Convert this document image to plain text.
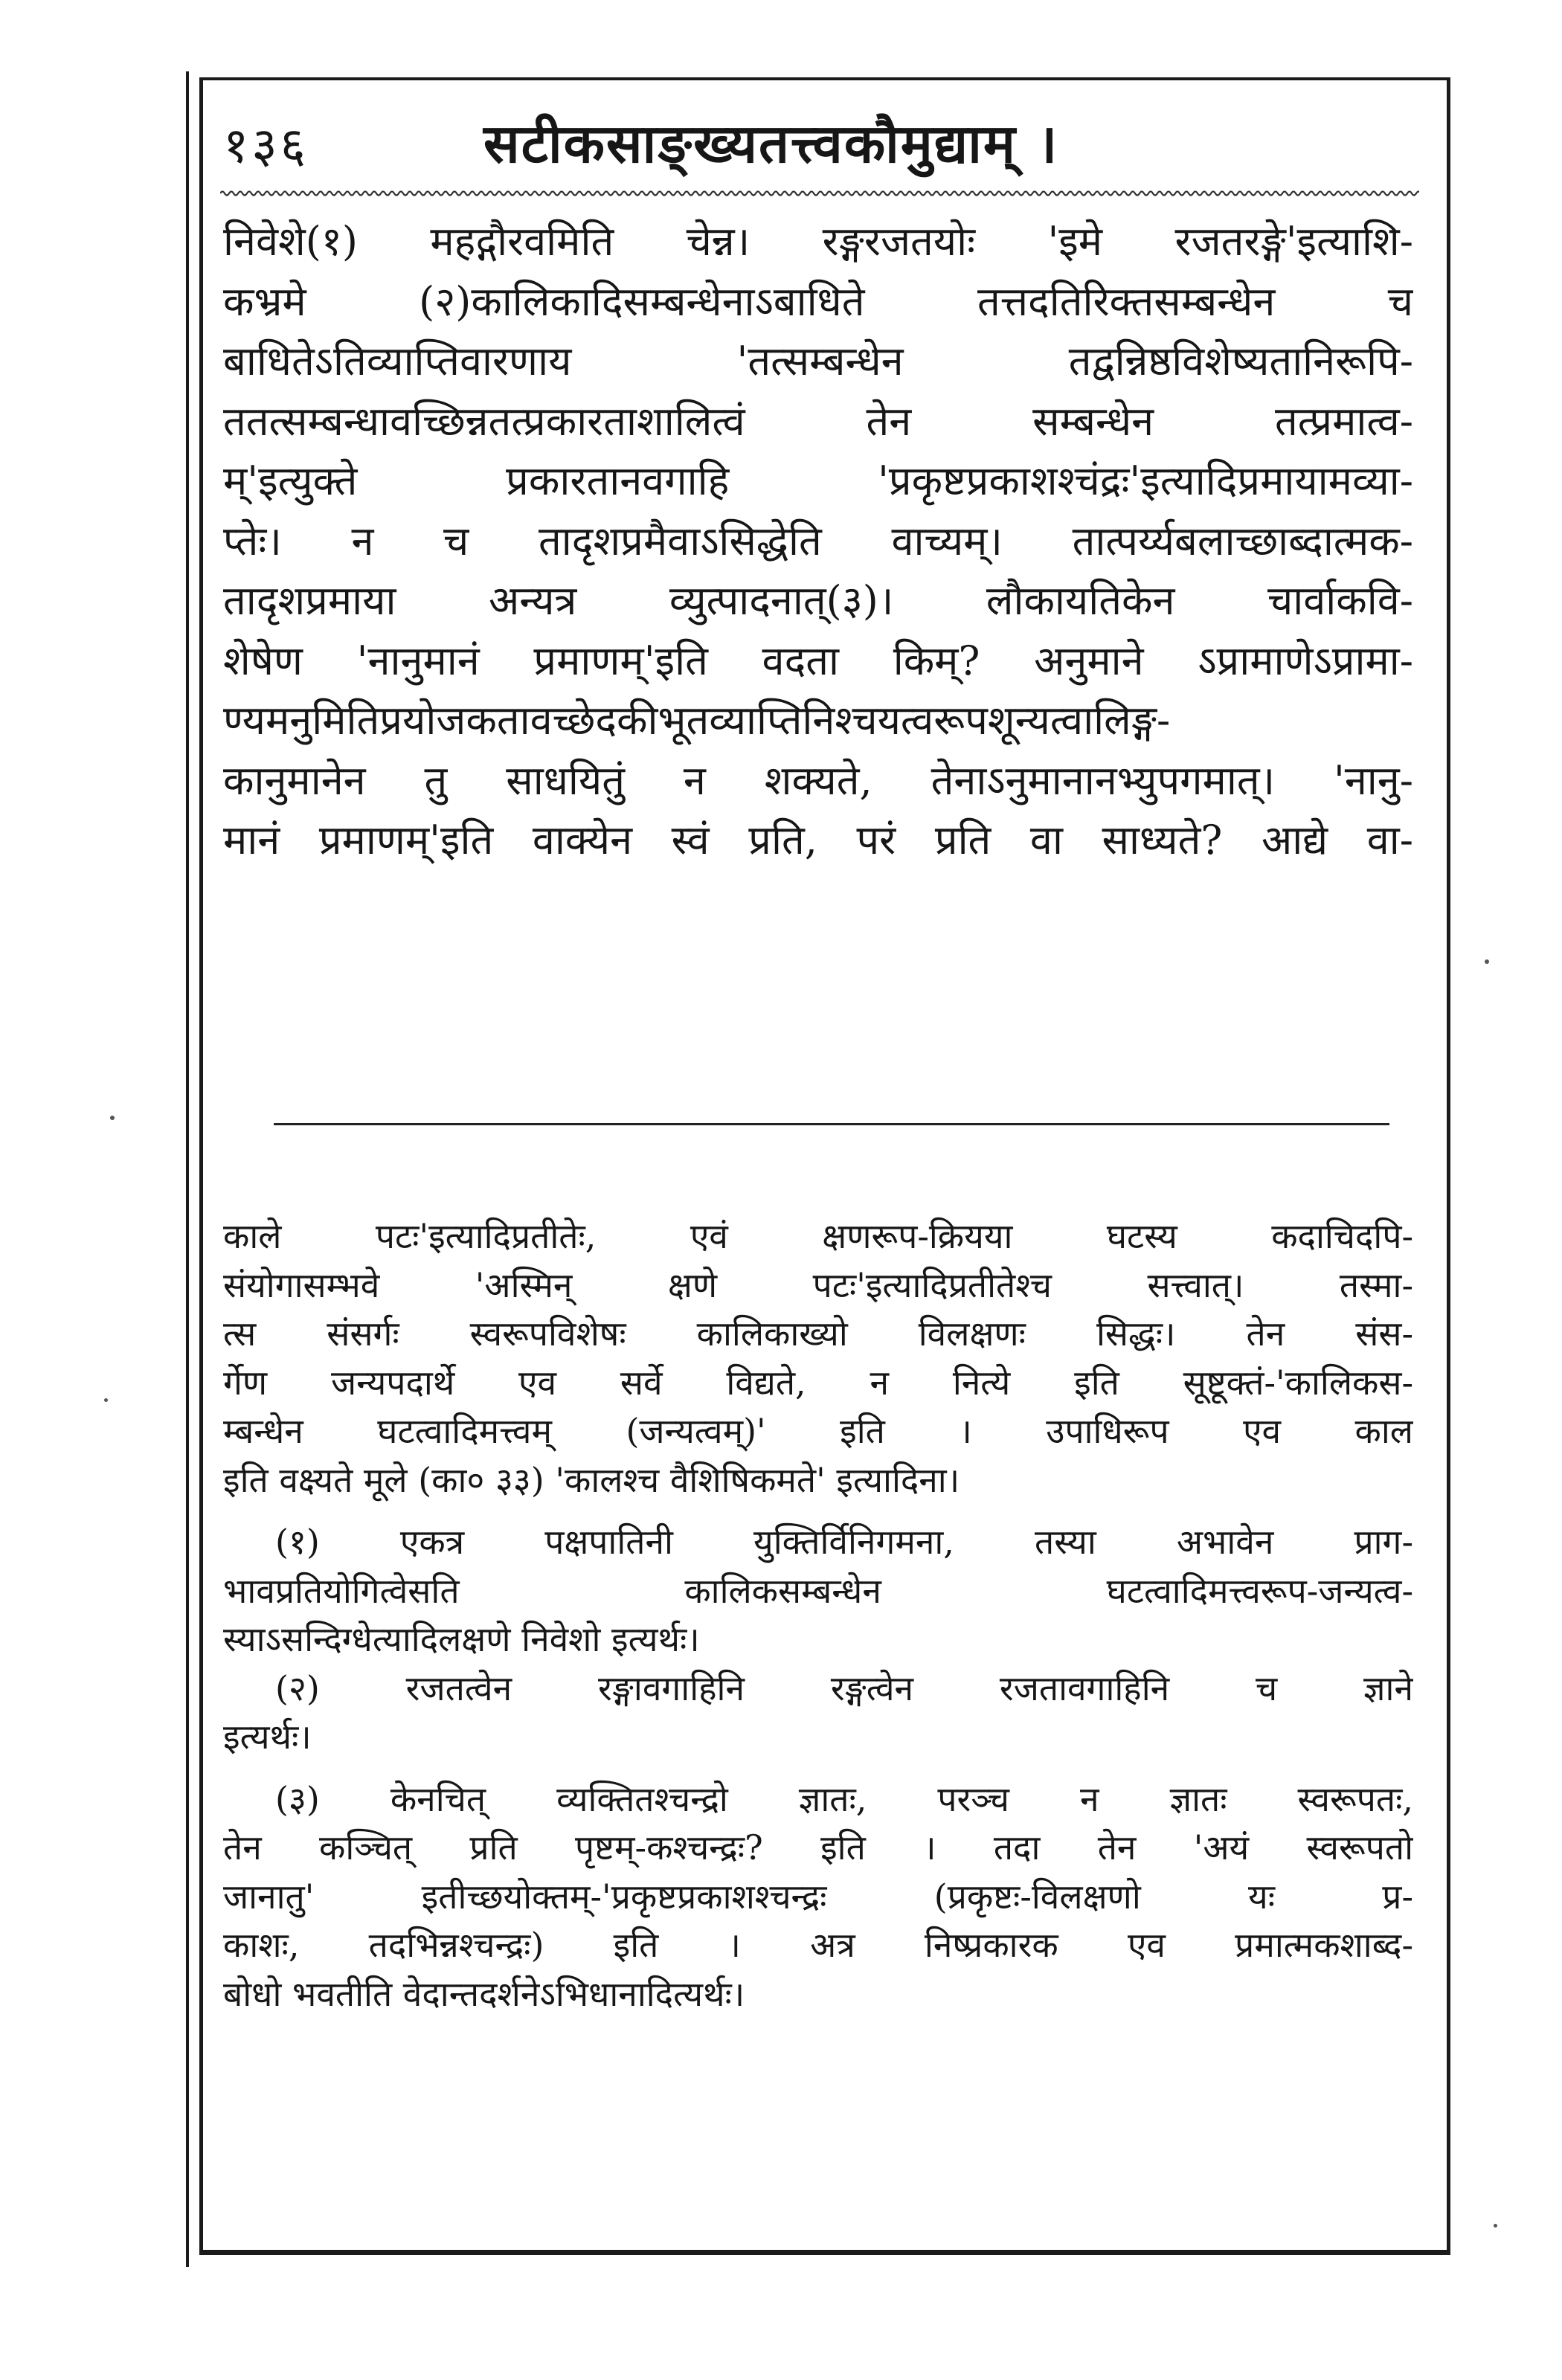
१३६	सटीकसाङ्ख्यतत्त्वकौमुद्याम् ।
निवेशे(१) महद्गौरवमिति चेन्न। रङ्गरजतयोः 'इमे रजतरङ्गे'इत्याशि-
कभ्रमे (२)कालिकादिसम्बन्धेनाऽबाधिते तत्तदतिरिक्तसम्बन्धेन च
बाधितेऽतिव्याप्तिवारणाय 'तत्सम्बन्धेन तद्वन्निष्ठविशेष्यतानिरूपि-
ततत्सम्बन्धावच्छिन्नतत्प्रकारताशालित्वं तेन सम्बन्धेन तत्प्रमात्व-
म्'इत्युक्ते प्रकारतानवगाहि 'प्रकृष्टप्रकाशश्चंद्रः'इत्यादिप्रमायामव्या-
प्तेः। न च तादृशप्रमैवाऽसिद्धेति वाच्यम्। तात्पर्य्यबलाच्छाब्दात्मक-
तादृशप्रमाया अन्यत्र व्युत्पादनात्(३)। लौकायतिकेन चार्वाकवि-
शेषेण 'नानुमानं प्रमाणम्'इति वदता किम्? अनुमाने ऽप्रामाणेऽप्रामा-
ण्यमनुमितिप्रयोजकतावच्छेदकीभूतव्याप्तिनिश्चयत्वरूपशून्यत्वालिङ्ग-
कानुमानेन तु साधयितुं न शक्यते, तेनाऽनुमानानभ्युपगमात्। 'नानु-
मानं प्रमाणम्'इति वाक्येन स्वं प्रति, परं प्रति वा साध्यते? आद्ये वा-
काले पटः'इत्यादिप्रतीतेः, एवं क्षणरूप-क्रियया घटस्य कदाचिदपि-
संयोगासम्भवे 'अस्मिन् क्षणे पटः'इत्यादिप्रतीतेश्च सत्त्वात्। तस्मा-
त्स संसर्गः स्वरूपविशेषः कालिकाख्यो विलक्षणः सिद्धः। तेन संस-
र्गेण जन्यपदार्थे एव सर्वे विद्यते, न नित्ये इति सूष्टूक्तं-'कालिकस-
म्बन्धेन घटत्वादिमत्त्वम् (जन्यत्वम्)' इति । उपाधिरूप एव काल
इति वक्ष्यते मूले (का० ३३) 'कालश्च वैशिषिकमते' इत्यादिना।
(१) एकत्र पक्षपातिनी युक्तिर्विनिगमना, तस्या अभावेन प्राग-
भावप्रतियोगित्वेसति कालिकसम्बन्धेन घटत्वादिमत्त्वरूप-जन्यत्व-
स्याऽसन्दिग्धेत्यादिलक्षणे निवेशो इत्यर्थः।
(२) रजतत्वेन रङ्गावगाहिनि रङ्गत्वेन रजतावगाहिनि च ज्ञाने
इत्यर्थः।
(३) केनचित् व्यक्तितश्चन्द्रो ज्ञातः, परञ्च न ज्ञातः स्वरूपतः,
तेन कञ्चित् प्रति पृष्टम्-कश्चन्द्रः? इति । तदा तेन 'अयं स्वरूपतो
जानातु' इतीच्छयोक्तम्-'प्रकृष्टप्रकाशश्चन्द्रः (प्रकृष्टः-विलक्षणो यः प्र-
काशः, तदभिन्नश्चन्द्रः) इति । अत्र निष्प्रकारक एव प्रमात्मकशाब्द-
बोधो भवतीति वेदान्तदर्शनेऽभिधानादित्यर्थः।
